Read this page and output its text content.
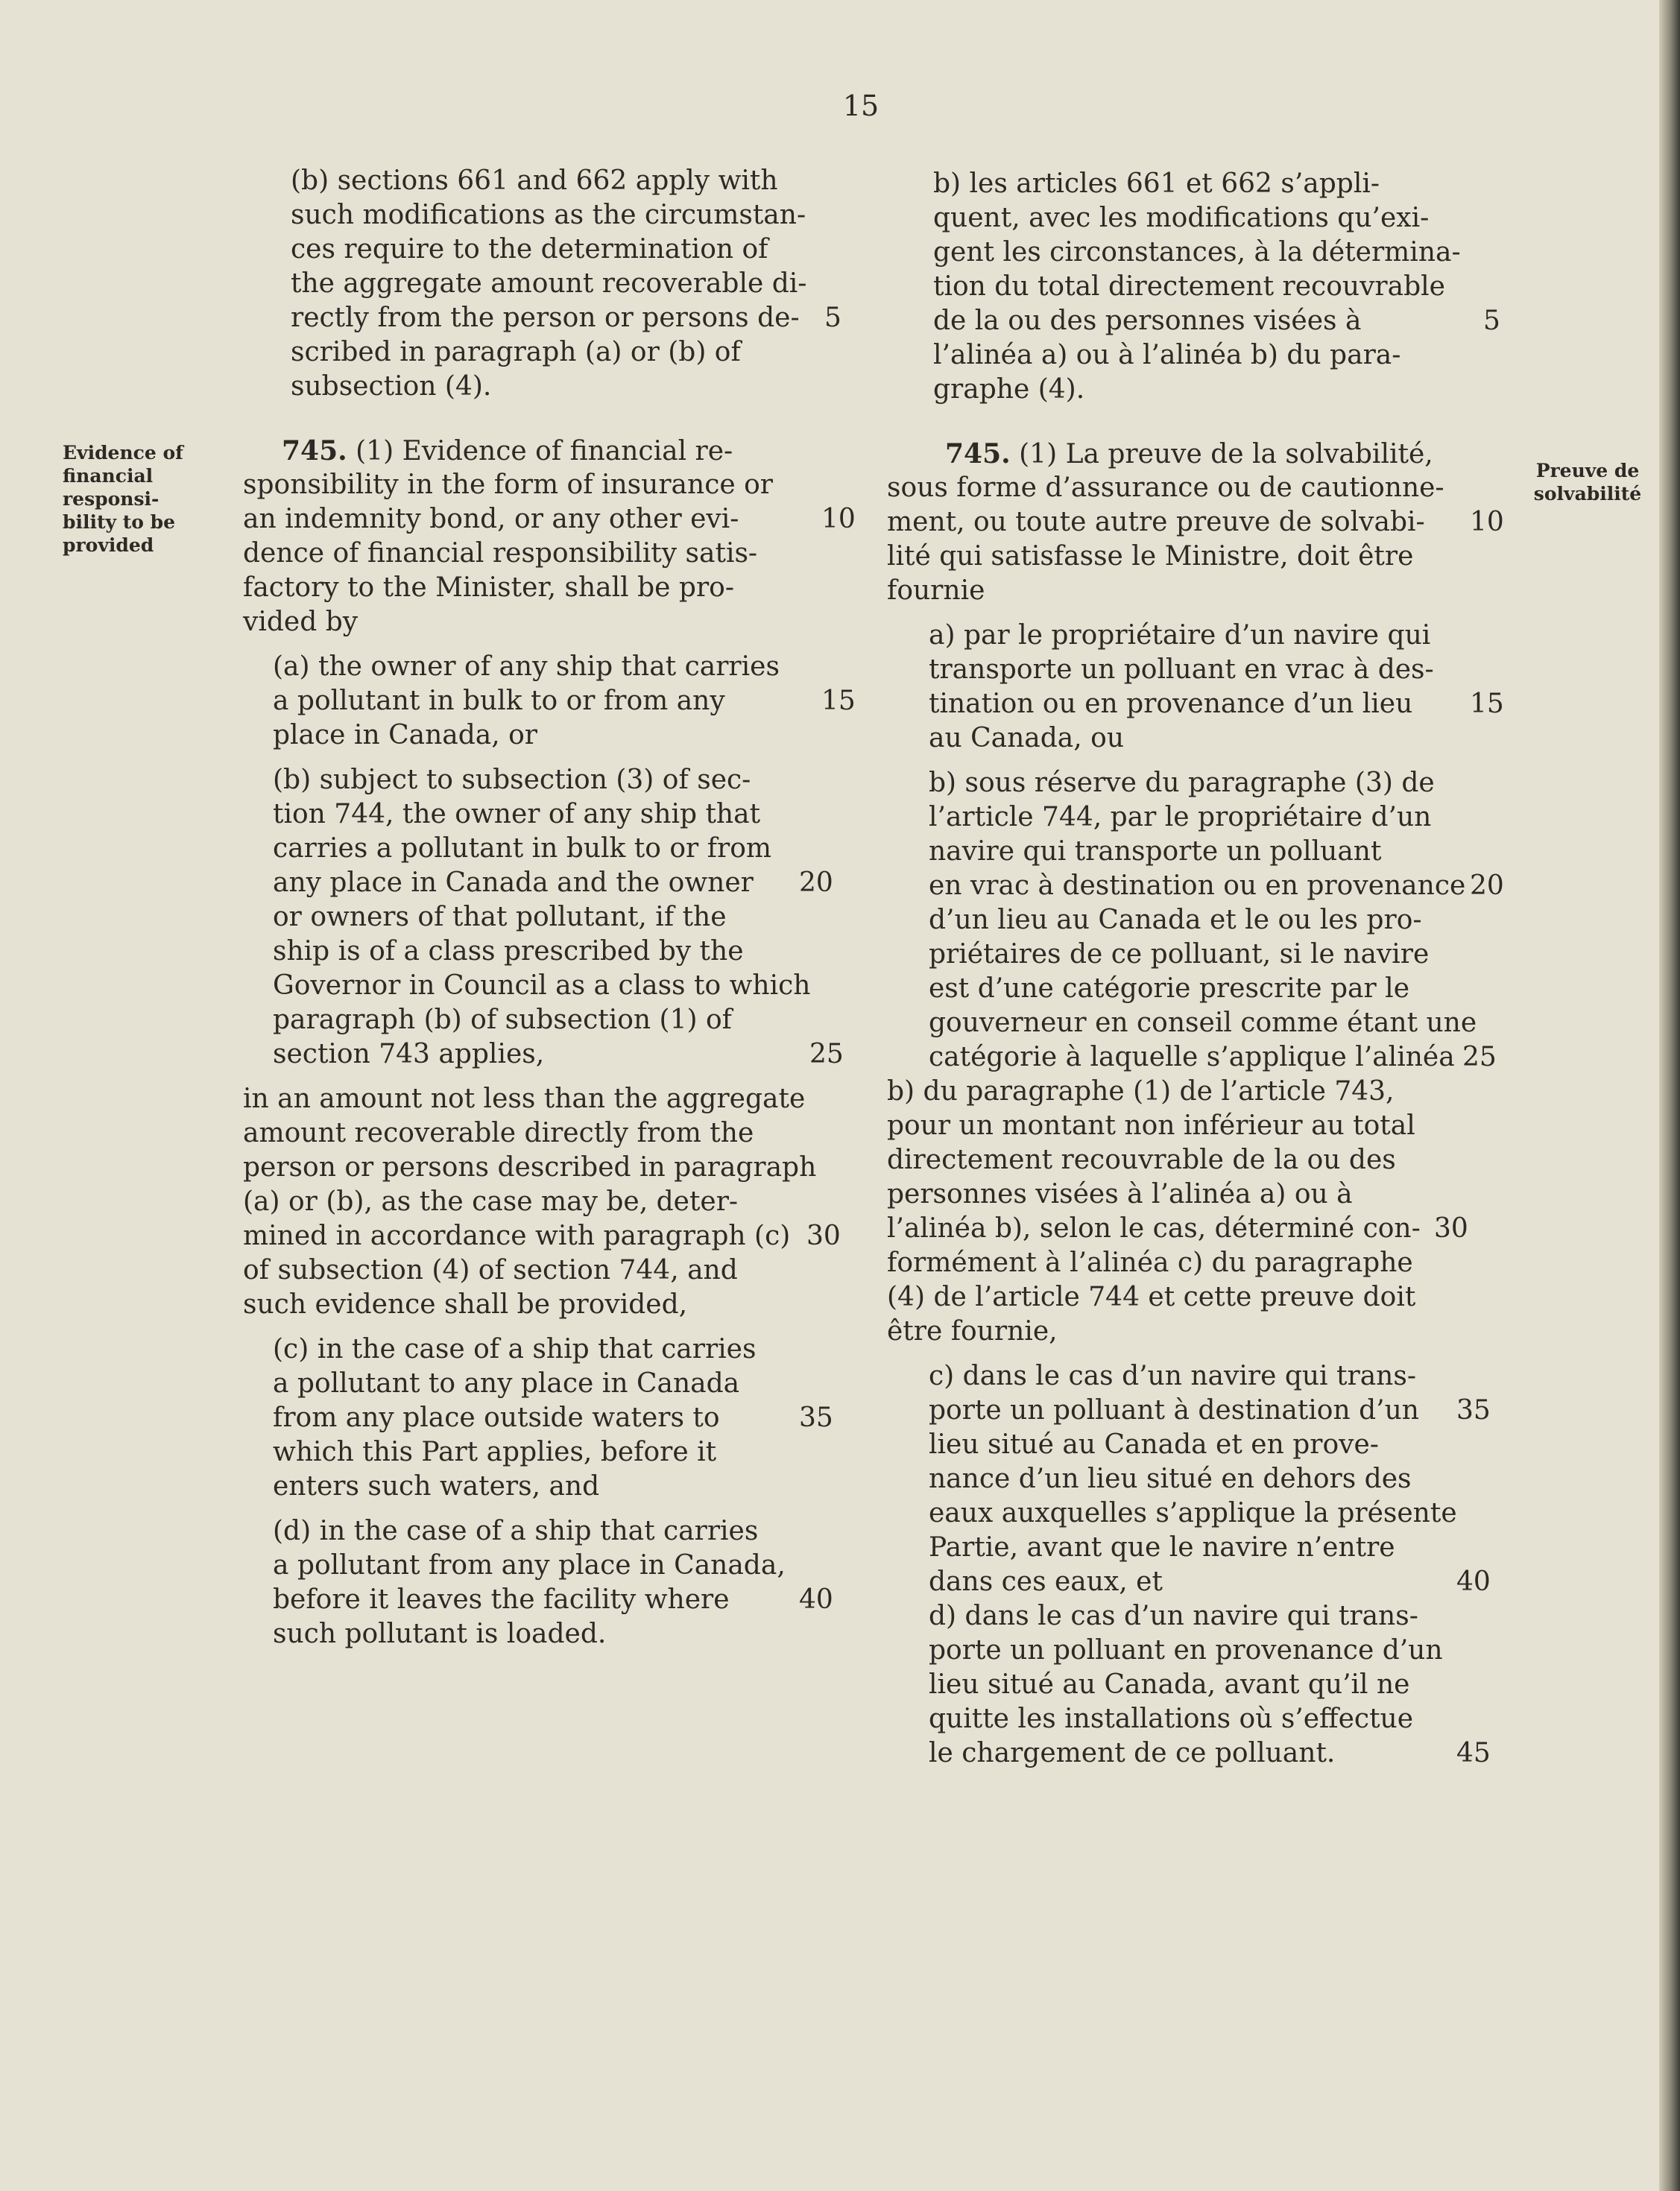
15
Evidence of
financial
responsi-
bility to be
provided
Preuve de
solvabilité
(b) sections 661 and 662 apply with
such modifications as the circumstan-
ces require to the determination of
the aggregate amount recoverable di-
rectly from the person or persons de- 5
scribed in paragraph (a) or (b) of
subsection (4).
745. (1) Evidence of financial re-
sponsibility in the form of insurance or
an indemnity bond, or any other evi-	10
dence of financial responsibility satis-
factory to the Minister, shall be pro-
vided by
(a) the owner of any ship that carries
a pollutant in bulk to or from any	15
place in Canada, or
(b) subject to subsection (3) of sec-
tion 744, the owner of any ship that
carries a pollutant in bulk to or from
any place in Canada and the owner 20
or owners of that pollutant, if the
ship is of a class prescribed by the
Governor in Council as a class to which
paragraph (b) of subsection (1) of
section 743 applies,	25
in an amount not less than the aggregate
amount recoverable directly from the
person or persons described in paragraph
(a) or (b), as the case may be, deter-
mined in accordance with paragraph (c) 30
of subsection (4) of section 744, and
such evidence shall be provided,
(c) in the case of a ship that carries
a pollutant to any place in Canada
from any place outside waters to	35
which this Part applies, before it
enters such waters, and
(d) in the case of a ship that carries
a pollutant from any place in Canada,
before it leaves the facility where	40
such pollutant is loaded.
b) les articles 661 et 662 s’appli-
quent, avec les modifications qu’exi-
gent les circonstances, à la détermina-
tion du total directement recouvrable
de la ou des personnes visées à	5
l’alinéa a) ou à l’alinéa b) du para-
graphe (4).
745. (1) La preuve de la solvabilité,
sous forme d’assurance ou de cautionne-
ment, ou toute autre preuve de solvabi- 10
lité qui satisfasse le Ministre, doit être
fournie
a) par le propriétaire d’un navire qui
transporte un polluant en vrac à des-
tination ou en provenance d’un lieu 15
au Canada, ou
b) sous réserve du paragraphe (3) de
l’article 744, par le propriétaire d’un
navire qui transporte un polluant
en vrac à destination ou en provenance 20
d’un lieu au Canada et le ou les pro-
priétaires de ce polluant, si le navire
est d’une catégorie prescrite par le
gouverneur en conseil comme étant une
catégorie à laquelle s’applique l’alinéa 25
b) du paragraphe (1) de l’article 743,
pour un montant non inférieur au total
directement recouvrable de la ou des
personnes visées à l’alinéa a) ou à
l’alinéa b), selon le cas, déterminé con- 30
formément à l’alinéa c) du paragraphe
(4) de l’article 744 et cette preuve doit
être fournie,
c) dans le cas d’un navire qui trans-
porte un polluant à destination d’un 35
lieu situé au Canada et en prove-
nance d’un lieu situé en dehors des
eaux auxquelles s’applique la présente
Partie, avant que le navire n’entre
dans ces eaux, et	40
d) dans le cas d’un navire qui trans-
porte un polluant en provenance d’un
lieu situé au Canada, avant qu’il ne
quitte les installations où s’effectue
le chargement de ce polluant.	45
